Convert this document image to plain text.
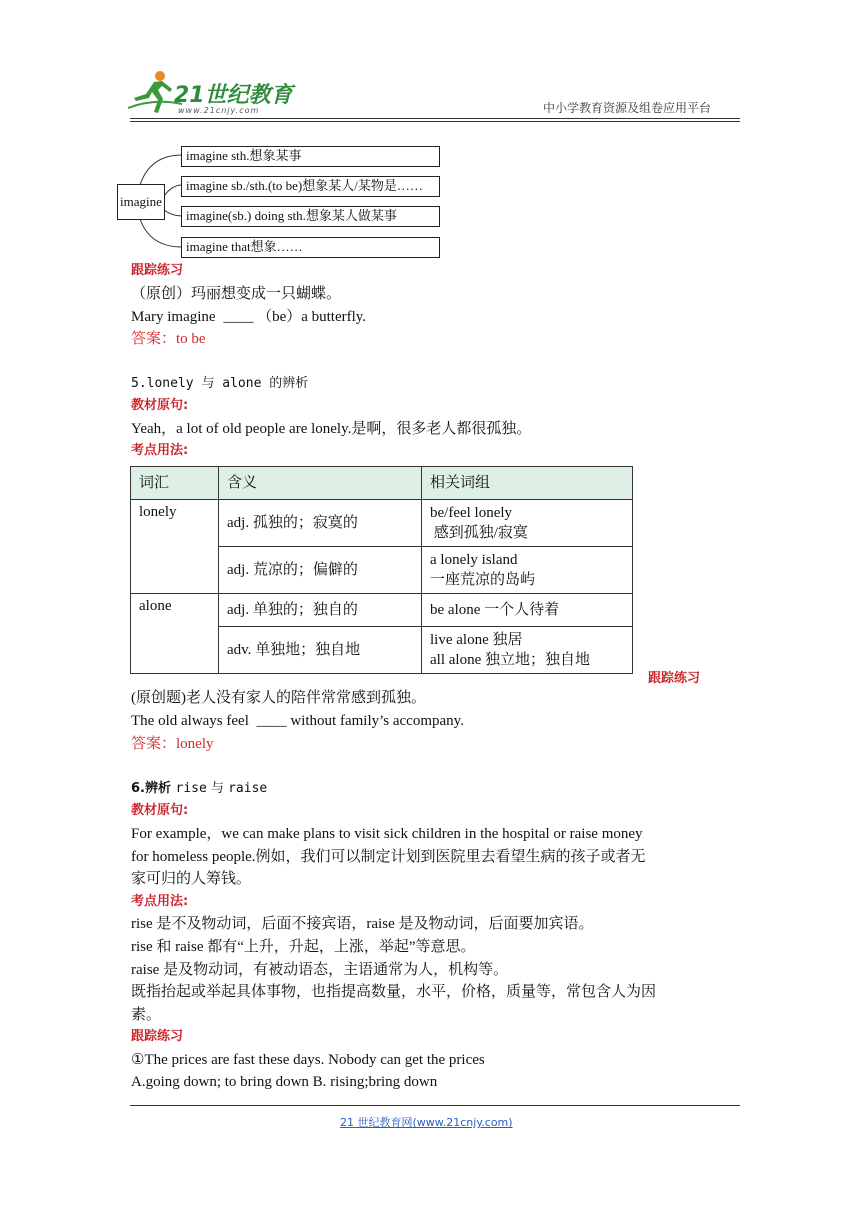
21世纪教育
www.21cnjy.com	中小学教育资源及组卷应用平台
imagine
imagine sth.想象某事
imagine sb./sth.(to be)想象某人/某物是……
imagine(sb.) doing sth.想象某人做某事
imagine that想象……
跟踪练习
（原创）玛丽想变成一只蝴蝶。
Mary imagine ____ （be）a butterfly.
答案：to be
5.lonely 与 alone 的辨析
教材原句:
Yeah，a lot of old people are lonely.是啊，很多老人都很孤独。
考点用法:
词汇	含义	相关词组
lonely	adj. 孤独的；寂寞的	be/feel lonely
感到孤独/寂寞

	adj. 荒凉的；偏僻的	a lonely island
一座荒凉的岛屿

alone	adj. 单独的；独自的	be alone 一个人待着
	adv. 单独地；独自地	live alone 独居
all alone 独立地；独自地
跟踪练习
(原创题)老人没有家人的陪伴常常感到孤独。
The old always feel ____ without family’s accompany.
答案：lonely
6.辨析 rise 与 raise
教材原句:
For example，we can make plans to visit sick children in the hospital or raise money
for homeless people.例如，我们可以制定计划到医院里去看望生病的孩子或者无
家可归的人筹钱。
考点用法:
rise 是不及物动词，后面不接宾语，raise 是及物动词，后面要加宾语。
rise 和 raise 都有“上升，升起，上涨，举起”等意思。
raise 是及物动词，有被动语态，主语通常为人，机构等。
既指抬起或举起具体事物，也指提高数量，水平，价格，质量等，常包含人为因
素。
跟踪练习
①The prices are fast these days. Nobody can get the prices
A.going down; to bring down B. rising;bring down
21 世纪教育网(www.21cnjy.com)
